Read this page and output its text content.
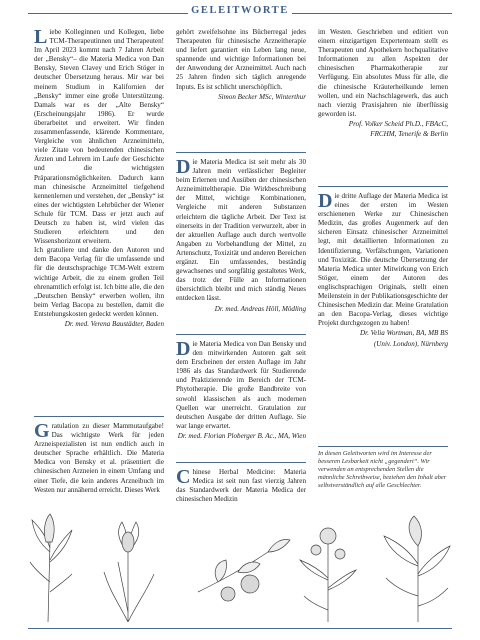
GELEITWORTE
L iebe Kolleginnen und Kollegen, liebe TCM-Therapeutinnen und Therapeuten! Im April 2023 kommt nach 7 Jahren Arbeit der „Bensky“– die Materia Medica von Dan Bensky, Steven Clavey und Erich Stöger in deutscher Übersetzung heraus. Mir war bei meinem Studium in Kalifornien der „Bensky“ immer eine große Unterstützung. Damals war es der „Alte Bensky“ (Erscheinungsjahr 1986). Er wurde überarbeitet und erweitert. Wir finden zusammenfassende, klärende Kommentare, Vergleiche von ähnlichen Arzneimitteln, viele Zitate von bedeutenden chinesischen Ärzten und Lehrern im Laufe der Geschichte und die wichtigsten Präparationsmöglichkeiten. Dadurch kann man chinesische Arzneimittel tiefgehend kennenlernen und verstehen, der „Bensky“ ist eines der wichtigsten Lehrbücher der Wiener Schule für TCM. Dass er jetzt auch auf Deutsch zu haben ist, wird vielen das Studieren erleichtern und den Wissenshorizont erweitern.
Ich gratuliere und danke den Autoren und dem Bacopa Verlag für die umfassende und für die deutschsprachige TCM-Welt extrem wichtige Arbeit, die zu einem großen Teil ehrenamtlich erfolgt ist. Ich bitte alle, die den „Deutschen Bensky“ erwerben wollen, ihn beim Verlag Bacopa zu bestellen, damit die Entstehungskosten gedeckt werden können.
Dr. med. Verena Baustädter, Baden
G ratulation zu dieser Mammutaufgabe! Das wichtigste Werk für jeden Arzneispezialisten ist nun endlich auch in deutscher Sprache erhältlich. Die Materia Medica von Bensky et al. präsentiert die chinesischen Arzneien in einem Umfang und einer Tiefe, die kein anderes Arzneibuch im Westen nur annähernd erreicht. Dieses Werk
gehört zweifelsohne ins Bücherregal jedes Therapeuten für chinesische Arzneitherapie und liefert garantiert ein Leben lang neue, spannende und wichtige Informationen bei der Anwendung der Arzneimittel. Auch nach 25 Jahren finden sich täglich anregende Inputs. Es ist schlicht unerschöpflich.
Simon Becker MSc, Winterthur
D ie Materia Medica ist seit mehr als 30 Jahren mein verlässlicher Begleiter beim Erlernen und Ausüben der chinesischen Arzneimitteltherapie. Die Wirkbeschreibung der Mittel, wichtige Kombinationen, Vergleiche mit anderen Substanzen erleichtern die tägliche Arbeit. Der Text ist einerseits in der Tradition verwurzelt, aber in der aktuellen Auflage auch durch wertvolle Angaben zu Vorbehandlung der Mittel, zu Artenschutz, Toxizität und anderen Bereichen ergänzt. Ein umfassendes, beständig gewachsenes und sorgfältig gestaltetes Werk, das trotz der Fülle an Informationen übersichtlich bleibt und mich ständig Neues entdecken lässt.
Dr. med. Andreas Höll, Mödling
D ie Materia Medica von Dan Bensky und den mitwirkenden Autoren galt seit dem Erscheinen der ersten Auflage im Jahr 1986 als das Standardwerk für Studierende und Praktizierende im Bereich der TCM-Phytotherapie. Die große Bandbreite von sowohl klassischen als auch modernen Quellen war unerreicht. Gratulation zur deutschen Ausgabe der dritten Auflage. Sie war lange erwartet.
Dr. med. Florian Ploberger B. Ac., MA, Wien
C hinese Herbal Medicine: Materia Medica ist seit nun fast vierzig Jahren das Standardwerk der Materia Medica der chinesischen Medizin
im Westen. Geschrieben und editiert von einem einzigartigen Expertenteam stellt es Therapeuten und Apothekern hochqualitative Informationen zu allen Aspekten der chinesischen Pharmakotherapie zur Verfügung. Ein absolutes Muss für alle, die die chinesische Kräuterheilkunde lernen wollen, und ein Nachschlagewerk, das auch nach vierzig Praxisjahren nie überflüssig geworden ist.
Prof. Volker Scheid Ph.D., FBAcC,
FRCHM, Tenerife & Berlin
D ie dritte Auflage der Materia Medica ist eines der ersten im Westen erschienenen Werke zur Chinesischen Medizin, das großes Augenmerk auf den sicheren Einsatz chinesischer Arzneimittel legt, mit detaillierten Informationen zu Identifizierung, Verfälschungen, Variationen und Toxizität. Die deutsche Übersetzung der Materia Medica unter Mitwirkung von Erich Stöger, einem der Autoren des englischsprachigen Originals, stellt einen Meilenstein in der Publikationsgeschichte der Chinesischen Medizin dar. Meine Gratulation an den Bacopa-Verlag, dieses wichtige Projekt durchgezogen zu haben!
Dr. Velia Wortman, BA, MB BS
(Univ. London), Nürnberg
In diesen Geleitworten wird im Interesse der besseren Lesbarkeit nicht „gegendert“. Wir verwenden an entsprechenden Stellen die männliche Schreibweise, beziehen den Inhalt aber selbstverständlich auf alle Geschlechter.
